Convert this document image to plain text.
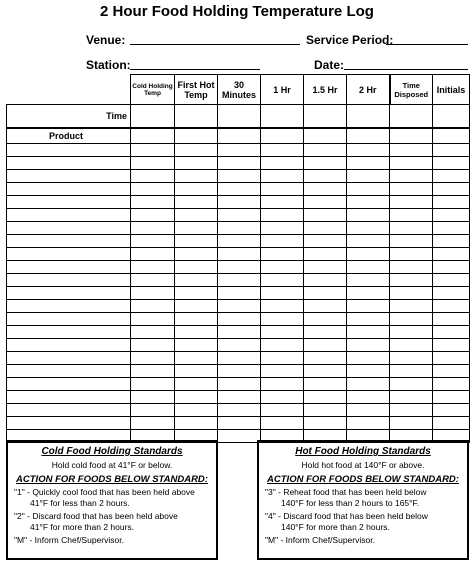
2 Hour Food Holding Temperature Log
Venue:	Service Period:
Station:	Date:
	Cold Holding Temp	First Hot Temp	30 Minutes	1 Hr	1.5 Hr	2 Hr	Time Disposed	Initials
Time								
Product								

Cold Food Holding Standards
Hold cold food at 41°F or below.
ACTION FOR FOODS BELOW STANDARD:
"1" - Quickly cool food that has been held above
41°F for less than 2 hours.
"2" - Discard food that has been held above
41°F for more than 2 hours.
"M" - Inform Chef/Supervisor.
Hot Food Holding Standards
Hold hot food at 140°F or above.
ACTION FOR FOODS BELOW STANDARD:
"3" - Reheat food that has been held below
140°F for less than 2 hours to 165°F.
"4" - Discard food that has been held below
140°F for more than 2 hours.
"M" - Inform Chef/Supervisor.
